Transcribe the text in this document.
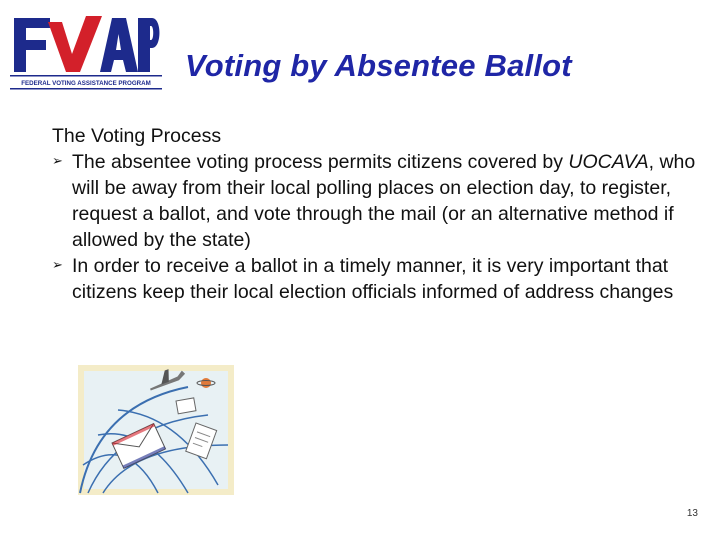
FEDERAL VOTING ASSISTANCE PROGRAM
Voting by Absentee Ballot

The Voting Process

➢ The absentee voting process permits citizens covered by UOCAVA, who will be away from their local polling places on election day, to register, request a ballot, and vote through the mail (or an alternative method if allowed by the state)
➢ In order to receive a ballot in a timely manner, it is very important that citizens keep their local election officials informed of address changes
13
